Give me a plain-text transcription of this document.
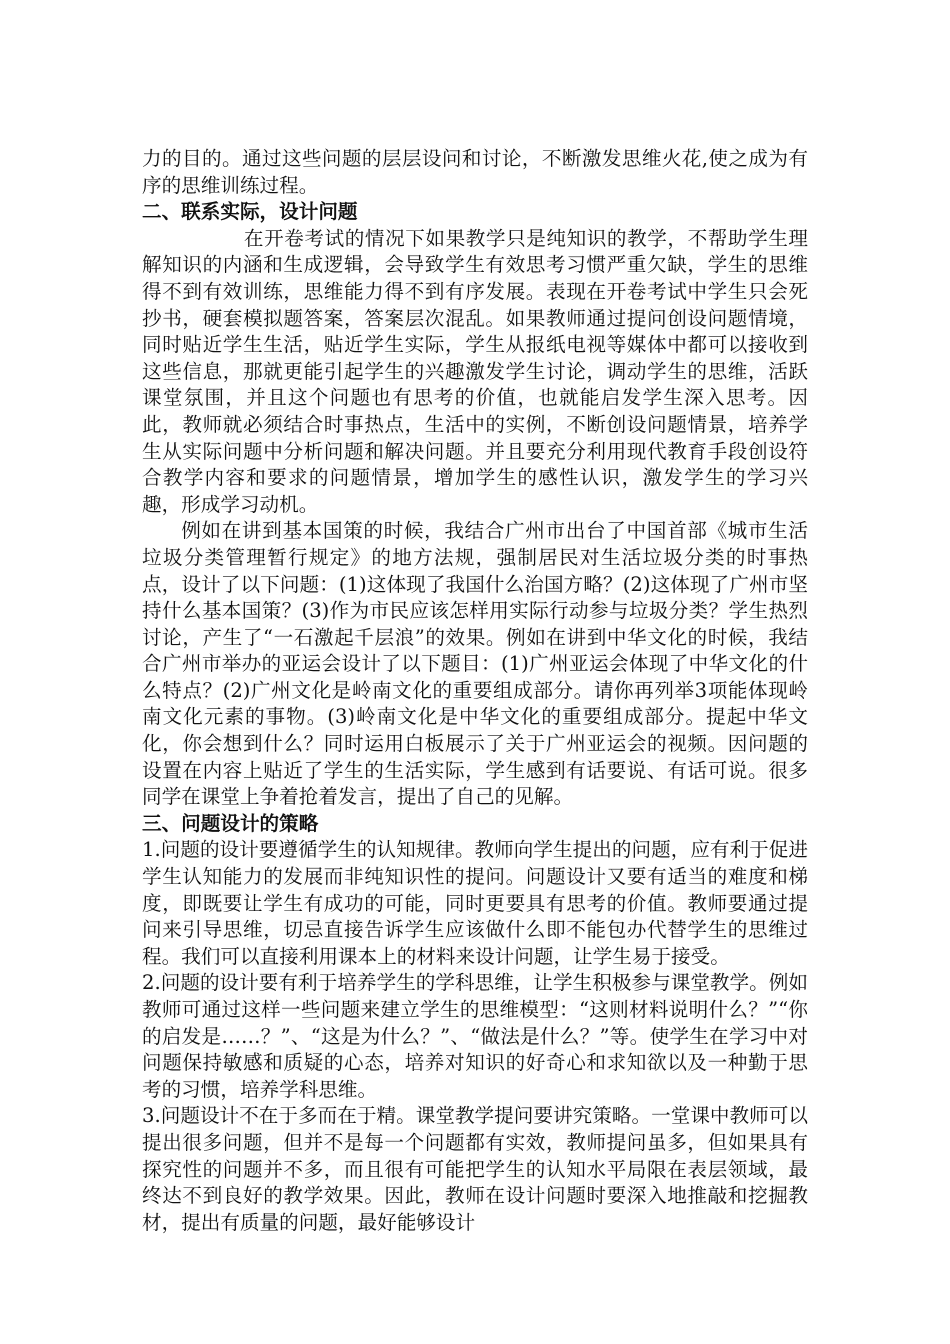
力的目的。通过这些问题的层层设问和讨论，不断激发思维火花,使之成为有序的思维训练过程。

二、联系实际，设计问题

在开卷考试的情况下如果教学只是纯知识的教学，不帮助学生理解知识的内涵和生成逻辑，会导致学生有效思考习惯严重欠缺，学生的思维得不到有效训练，思维能力得不到有序发展。表现在开卷考试中学生只会死抄书，硬套模拟题答案，答案层次混乱。如果教师通过提问创设问题情境，同时贴近学生生活，贴近学生实际，学生从报纸电视等媒体中都可以接收到这些信息，那就更能引起学生的兴趣激发学生讨论，调动学生的思维，活跃课堂氛围，并且这个问题也有思考的价值，也就能启发学生深入思考。因此，教师就必须结合时事热点，生活中的实例，不断创设问题情景，培养学生从实际问题中分析问题和解决问题。并且要充分利用现代教育手段创设符合教学内容和要求的问题情景，增加学生的感性认识，激发学生的学习兴趣，形成学习动机。

例如在讲到基本国策的时候，我结合广州市出台了中国首部《城市生活垃圾分类管理暂行规定》的地方法规，强制居民对生活垃圾分类的时事热点，设计了以下问题：(1)这体现了我国什么治国方略？(2)这体现了广州市坚持什么基本国策？(3)作为市民应该怎样用实际行动参与垃圾分类？学生热烈讨论，产生了“一石激起千层浪”的效果。例如在讲到中华文化的时候，我结合广州市举办的亚运会设计了以下题目：(1)广州亚运会体现了中华文化的什么特点？(2)广州文化是岭南文化的重要组成部分。请你再列举3项能体现岭南文化元素的事物。(3)岭南文化是中华文化的重要组成部分。提起中华文化，你会想到什么？同时运用白板展示了关于广州亚运会的视频。因问题的设置在内容上贴近了学生的生活实际，学生感到有话要说、有话可说。很多同学在课堂上争着抢着发言，提出了自己的见解。

三、问题设计的策略

1.问题的设计要遵循学生的认知规律。教师向学生提出的问题，应有利于促进学生认知能力的发展而非纯知识性的提问。问题设计又要有适当的难度和梯度，即既要让学生有成功的可能，同时更要具有思考的价值。教师要通过提问来引导思维，切忌直接告诉学生应该做什么即不能包办代替学生的思维过程。我们可以直接利用课本上的材料来设计问题，让学生易于接受。

2.问题的设计要有利于培养学生的学科思维，让学生积极参与课堂教学。例如教师可通过这样一些问题来建立学生的思维模型：“这则材料说明什么？”“你的启发是……？”、“这是为什么？”、“做法是什么？”等。使学生在学习中对问题保持敏感和质疑的心态，培养对知识的好奇心和求知欲以及一种勤于思考的习惯，培养学科思维。

3.问题设计不在于多而在于精。课堂教学提问要讲究策略。一堂课中教师可以提出很多问题，但并不是每一个问题都有实效，教师提问虽多，但如果具有探究性的问题并不多，而且很有可能把学生的认知水平局限在表层领域，最终达不到良好的教学效果。因此，教师在设计问题时要深入地推敲和挖掘教材，提出有质量的问题，最好能够设计
